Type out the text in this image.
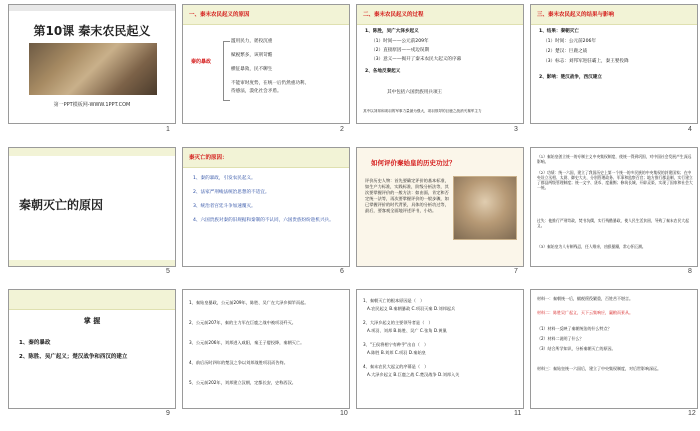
第10课 秦末农民起义
第一PPT模板网-WWW.1PPT.COM
1
一、秦末农民起义的原因
秦的暴政
滥用民力，徭役沉重
赋税繁多，该刑苛酷
横征暴敛，民不聊生
不能审时度势，在统一后仍然重功利、
待感法，漠化社会矛盾。
2
二、秦末农民起义的过程
1、陈胜，吴广大泽乡起义
（1）时间——公元前209年
（2）直接原因——戍边误期
（3）意义——揭开了秦末农民大起义的序幕
2、各地反秦起义
其中包括六国贵族用兵项王
其中以刘邦和项羽的军事力量最为强大，项羽领导的巨鹿之战消灭秦军主力
3
三、秦末农民起义的结果与影响
1、结果：秦朝灭亡
（1）时间：公元前206年
（2）楚汉：巨鹿之战
（3）标志：刘邦军进驻霸上，秦王婴投降
2、影响：楚汉战争，西汉建立
4
秦朝灭亡的原因
5
秦灭亡的原因：
1、秦的暴政，引发农民起义。
2、法家严刑峻法统治思想的不适宜。
3、统治者宫廷斗争加速覆灭。
4、六国贵族对秦的旧规据和秦制的不认同，六国贵族纷纷趁机兴兵。
6
如何评价秦始皇的历史功过？
评价历史人物：首先要确定评价的基本标准，如生产力标准，实践标准，阶级分析法等，其次要掌握评价的一般方法：如由面，肯定和否定统一法等，再次要掌握评价的一般步骤，如已掌握评价的时代背景，具体的分析功过等，最后，要客观全面地评述评书，小结。
7
（1）秦始皇创立统一的专制主义中央集权制度，使统一得到巩固，对中国社会发展产生深远影响。
（2）功绩：统一六国，建立了我国历史上第一个统一的多民族的中央集权的封建国家；在中央设立丞相、太尉、御史大夫，分别管理政务、军事和监察百官；地方推行郡县制，实行建立了郡县两级管理制度；统一文字、货币、度量衡；修筑长城，开辟灵渠，实现了国家和社会大一统。
过失：他推行严刑苛政，焚书坑儒，实行残酷暴政，使人民生活贫困，导致了秦末农民大起义。
（3）秦始皇为人专制残忍，任人唯亲，凶狠暴躁，常心怀叵测。
8
掌 握
1、秦的暴政
2、陈胜、吴广起义；楚汉战争和西汉的建立
9
1、秦始皇暴政，公元前209年，陈胜、吴广在大泽乡揭竿而起。
2、公元前207年，秦的主力军在巨鹿之战中被项羽歼灭。
3、公元前206年，刘邦进入咸阳，秦王子婴投降，秦朝灭亡。
4、前后历时四年的楚汉之争以刘邦战胜项羽而告终。
5、公元前202年，刘邦建立汉朝，定都长安，史称西汉。
10
1、秦朝灭亡的根本原因是（　）
A.农民起义 B.秦朝暴政 C.项羽灭秦 D.刘邦起兵
2、大泽乡起义的主要领导者是（　）
A.项羽、刘邦 B.陈胜、吴广 C.张角 D.黄巢
3、"王侯将相宁有种乎"出自（　）
A.陈胜 B.刘邦 C.项羽 D.秦始皇
4、秦末农民大起义的序幕是（　）
A.大泽乡起义 B.巨鹿之战 C.楚汉战争 D.刘邦入关
11
材料一：秦朝统一后，赋税徭役繁重，百姓苦不堪言。
材料二：陈胜吴广起义，天下云集响应，赢粮而景从。
（1）材料一反映了秦朝统治的什么特点？
（2）材料二说明了什么？
（3）结合所学知识，分析秦朝灭亡的原因。
材料三：秦始皇统一六国后，建立了中央集权制度，对后世影响深远。
12
